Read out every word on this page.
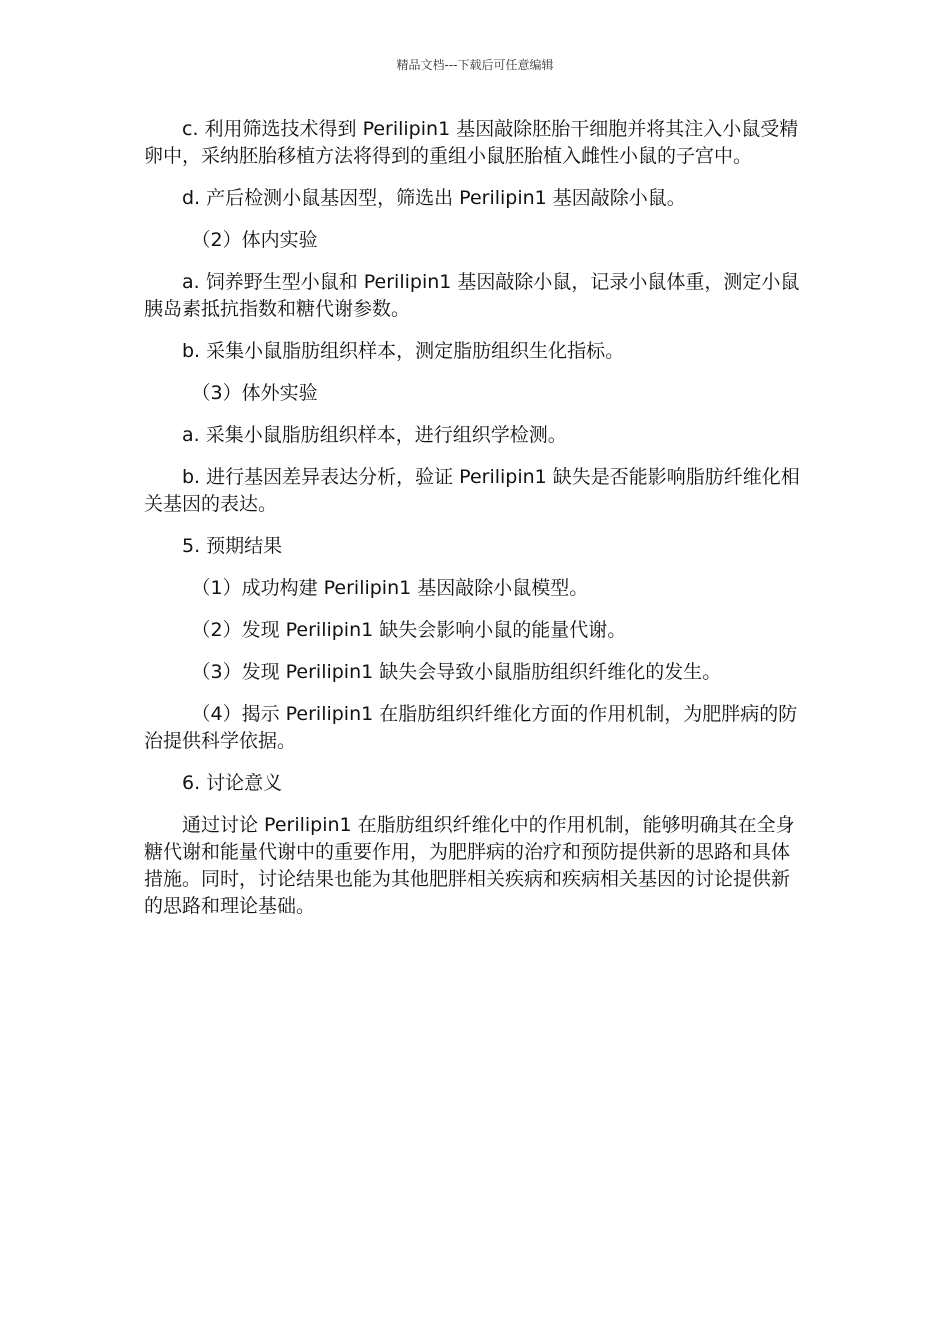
精品文档---下载后可任意编辑

c. 利用筛选技术得到 Perilipin1 基因敲除胚胎干细胞并将其注入小鼠受精卵中，采纳胚胎移植方法将得到的重组小鼠胚胎植入雌性小鼠的子宫中。

d. 产后检测小鼠基因型，筛选出 Perilipin1 基因敲除小鼠。

（2）体内实验

a. 饲养野生型小鼠和 Perilipin1 基因敲除小鼠，记录小鼠体重，测定小鼠胰岛素抵抗指数和糖代谢参数。

b. 采集小鼠脂肪组织样本，测定脂肪组织生化指标。

（3）体外实验

a. 采集小鼠脂肪组织样本，进行组织学检测。

b. 进行基因差异表达分析，验证 Perilipin1 缺失是否能影响脂肪纤维化相关基因的表达。

5. 预期结果

（1）成功构建 Perilipin1 基因敲除小鼠模型。

（2）发现 Perilipin1 缺失会影响小鼠的能量代谢。

（3）发现 Perilipin1 缺失会导致小鼠脂肪组织纤维化的发生。

（4）揭示 Perilipin1 在脂肪组织纤维化方面的作用机制，为肥胖病的防治提供科学依据。

6. 讨论意义

通过讨论 Perilipin1 在脂肪组织纤维化中的作用机制，能够明确其在全身糖代谢和能量代谢中的重要作用，为肥胖病的治疗和预防提供新的思路和具体措施。同时，讨论结果也能为其他肥胖相关疾病和疾病相关基因的讨论提供新的思路和理论基础。
